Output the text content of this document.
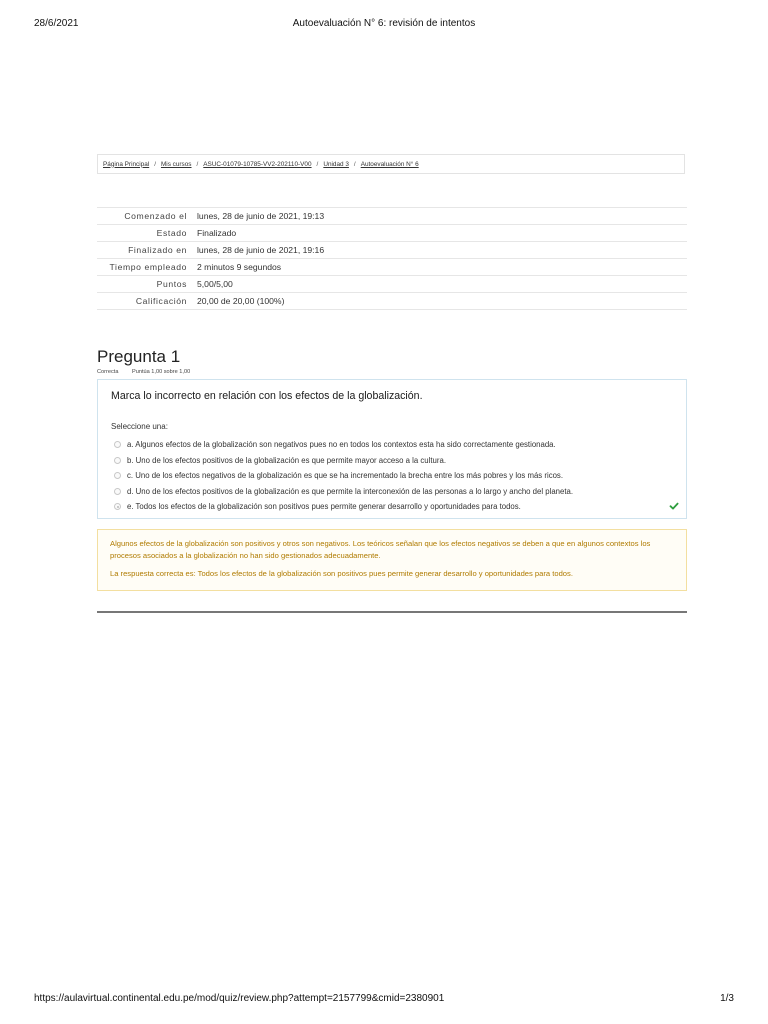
28/6/2021	Autoevaluación N° 6: revisión de intentos
Página Principal / Mis cursos / ASUC-01079-10785-VV2-202110-V00 / Unidad 3 / Autoevaluación N° 6
Comenzado el	lunes, 28 de junio de 2021, 19:13
Estado	Finalizado
Finalizado en	lunes, 28 de junio de 2021, 19:16
Tiempo empleado	2 minutos 9 segundos
Puntos	5,00/5,00
Calificación	20,00 de 20,00 (100%)
Pregunta 1
Correcta Puntúa 1,00 sobre 1,00
Marca lo incorrecto en relación con los efectos de la globalización.
Seleccione una:
a. Algunos efectos de la globalización son negativos pues no en todos los contextos esta ha sido correctamente gestionada.
b. Uno de los efectos positivos de la globalización es que permite mayor acceso a la cultura.
c. Uno de los efectos negativos de la globalización es que se ha incrementado la brecha entre los más pobres y los más ricos.
d. Uno de los efectos positivos de la globalización es que permite la interconexión de las personas a lo largo y ancho del planeta.
e. Todos los efectos de la globalización son positivos pues permite generar desarrollo y oportunidades para todos.
Algunos efectos de la globalización son positivos y otros son negativos. Los teóricos señalan que los efectos negativos se deben a que en algunos contextos los procesos asociados a la globalización no han sido gestionados adecuadamente.
La respuesta correcta es: Todos los efectos de la globalización son positivos pues permite generar desarrollo y oportunidades para todos.
https://aulavirtual.continental.edu.pe/mod/quiz/review.php?attempt=2157799&cmid=2380901	1/3
